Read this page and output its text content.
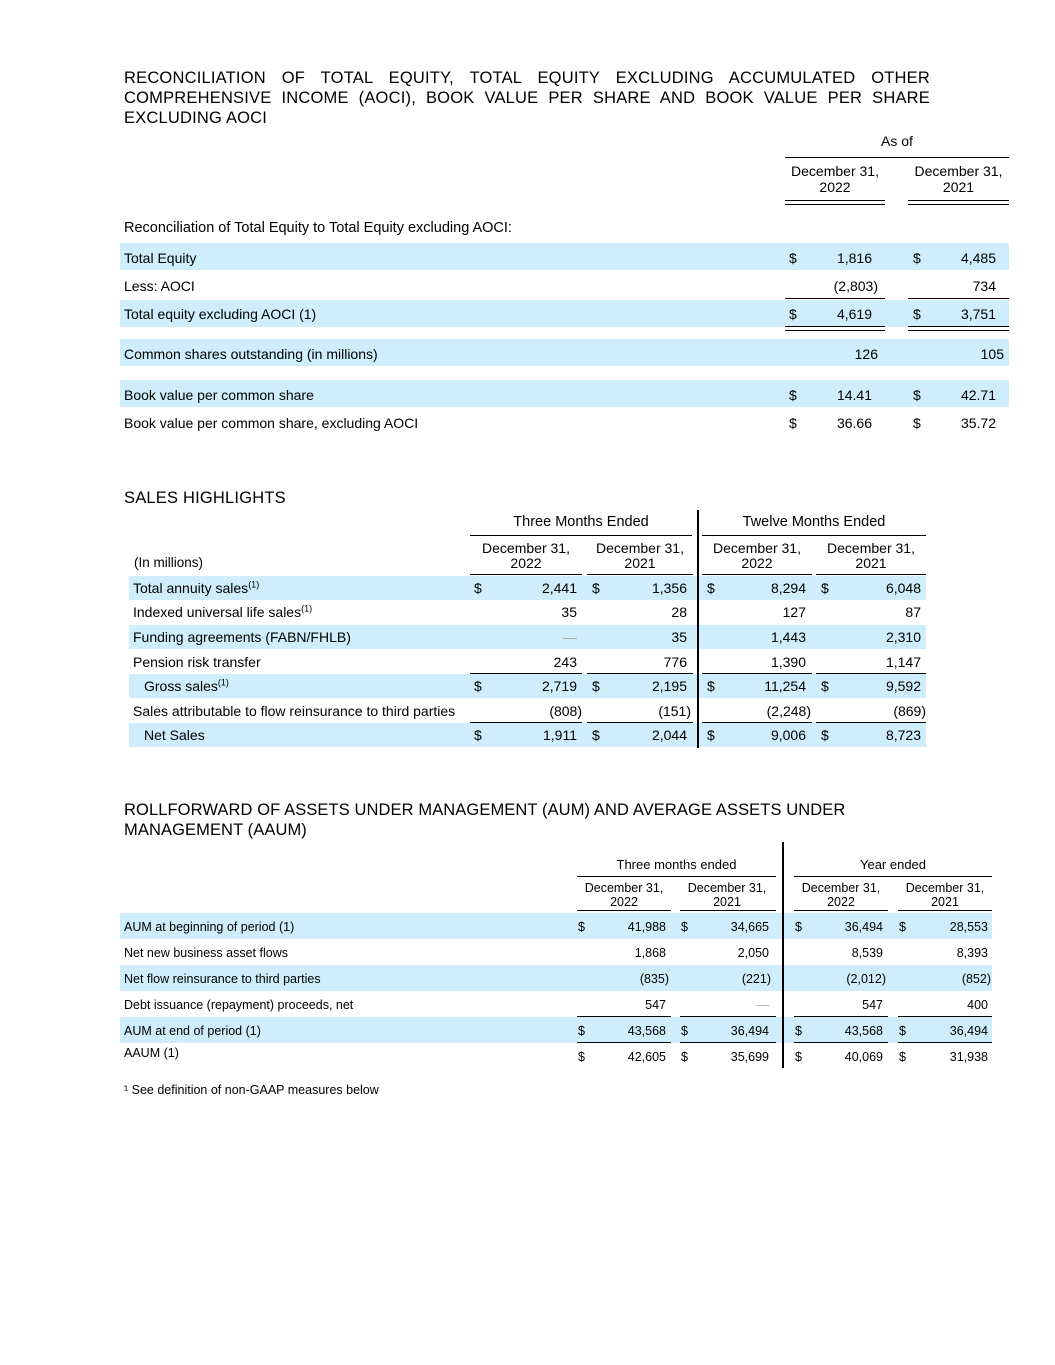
RECONCILIATION OF TOTAL EQUITY, TOTAL EQUITY EXCLUDING ACCUMULATED OTHER COMPREHENSIVE INCOME (AOCI), BOOK VALUE PER SHARE AND BOOK VALUE PER SHARE EXCLUDING AOCI
As of
December 31, 2022
December 31, 2021
Reconciliation of Total Equity to Total Equity excluding AOCI:
Total Equity	$	1,816	$	4,485
Less: AOCI	(2,803)	734
Total equity excluding AOCI (1)	$	4,619	$	3,751
Common shares outstanding (in millions)	126	105
Book value per common share	$	14.41	$	42.71
Book value per common share, excluding AOCI	$	36.66	$	35.72
SALES HIGHLIGHTS
Three Months Ended	Twelve Months Ended
(In millions)
December 31, 2022
December 31, 2021
December 31, 2022
December 31, 2021
Total annuity sales$^{(1)}$	$	2,441 $	1,356 $	8,294 $	6,048
Indexed universal life sales$^{(1)}$	35	28	127	87
Funding agreements (FABN/FHLB)	—	35	1,443	2,310
Pension risk transfer	243	776	1,390	1,147
Gross sales$^{(1)}$	$	2,719 $	2,195 $	11,254 $	9,592
Sales attributable to flow reinsurance to third parties	(808)	(151)	(2,248)	(869)
Net Sales	$	1,911 $	2,044 $	9,006 $	8,723
ROLLFORWARD OF ASSETS UNDER MANAGEMENT (AUM) AND AVERAGE ASSETS UNDER MANAGEMENT (AAUM)
Three months ended	Year ended
December 31, 2022
December 31, 2021
December 31, 2022
December 31, 2021
AUM at beginning of period (1)	$	41,988 $	34,665 $	36,494 $	28,553
Net new business asset flows	1,868	2,050	8,539	8,393
Net flow reinsurance to third parties	(835)	(221)	(2,012)	(852)
Debt issuance (repayment) proceeds, net	547	—	547	400
AUM at end of period (1)	$	43,568 $	36,494 $	43,568 $	36,494
AAUM (1)	$	42,605 $	35,699 $	40,069 $	31,938
¹ See definition of non-GAAP measures below
